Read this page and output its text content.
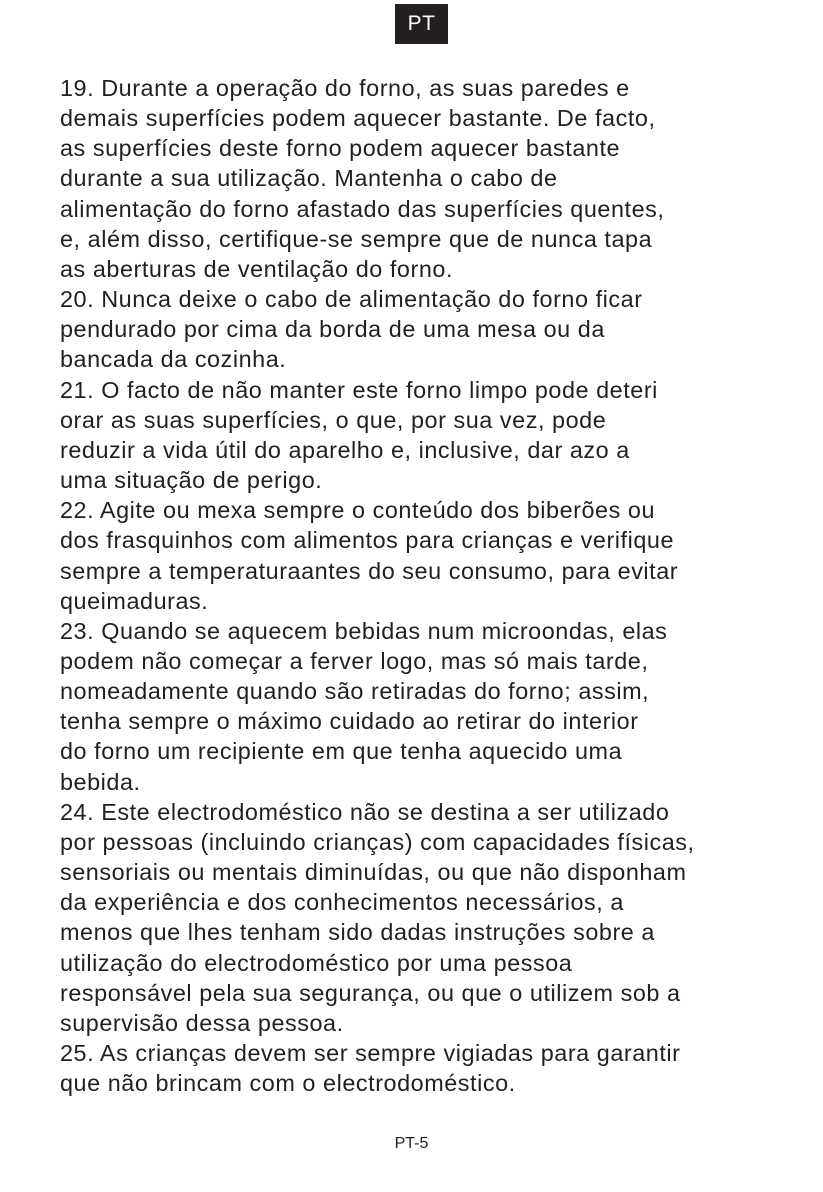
PT

19. Durante a operação do forno, as suas paredes e
demais superfícies podem aquecer bastante. De facto,
as superfícies deste forno podem aquecer bastante
durante a sua utilização. Mantenha o cabo de
alimentação do forno afastado das superfícies quentes,
e, além disso, certifique-se sempre que de nunca tapa
as aberturas de ventilação do forno.

20. Nunca deixe o cabo de alimentação do forno ficar
pendurado por cima da borda de uma mesa ou da
bancada da cozinha.

21. O facto de não manter este forno limpo pode deteri
orar as suas superfícies, o que, por sua vez, pode
reduzir a vida útil do aparelho e, inclusive, dar azo a
uma situação de perigo.

22. Agite ou mexa sempre o conteúdo dos biberões ou
dos frasquinhos com alimentos para crianças e verifique
sempre a temperaturaantes do seu consumo, para evitar
queimaduras.

23. Quando se aquecem bebidas num microondas, elas
podem não começar a ferver logo, mas só mais tarde,
nomeadamente quando são retiradas do forno; assim,
tenha sempre o máximo cuidado ao retirar do interior
do forno um recipiente em que tenha aquecido uma
bebida.

24. Este electrodoméstico não se destina a ser utilizado
por pessoas (incluindo crianças) com capacidades físicas,
sensoriais ou mentais diminuídas, ou que não disponham
da experiência e dos conhecimentos necessários, a
menos que lhes tenham sido dadas instruções sobre a
utilização do electrodoméstico por uma pessoa
responsável pela sua segurança, ou que o utilizem sob a
supervisão dessa pessoa.

25. As crianças devem ser sempre vigiadas para garantir
que não brincam com o electrodoméstico.

PT-5
